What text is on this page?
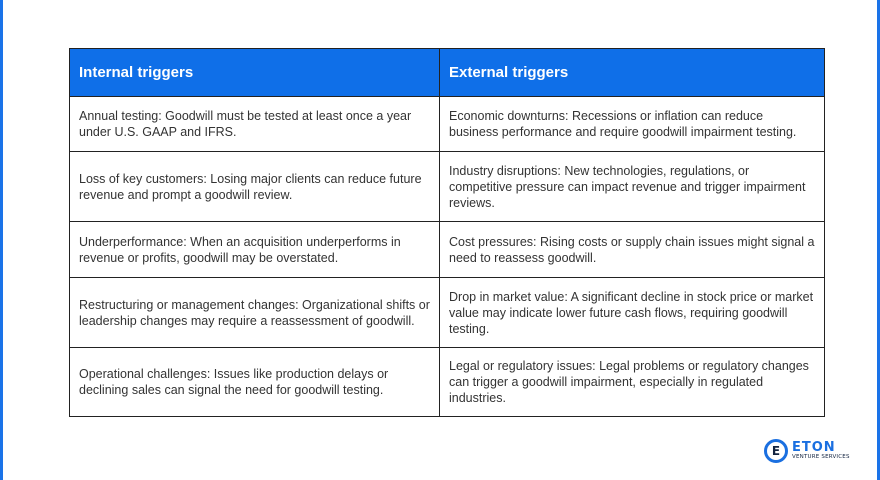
Internal triggers	External triggers
Annual testing: Goodwill must be tested at least once a year under U.S. GAAP and IFRS.	Economic downturns: Recessions or inflation can reduce business performance and require goodwill impairment testing.
Loss of key customers: Losing major clients can reduce future revenue and prompt a goodwill review.	Industry disruptions: New technologies, regulations, or competitive pressure can impact revenue and trigger impairment reviews.
Underperformance: When an acquisition underperforms in revenue or profits, goodwill may be overstated.	Cost pressures: Rising costs or supply chain issues might signal a need to reassess goodwill.
Restructuring or management changes: Organizational shifts or leadership changes may require a reassessment of goodwill.	Drop in market value: A significant decline in stock price or market value may indicate lower future cash flows, requiring goodwill testing.
Operational challenges: Issues like production delays or declining sales can signal the need for goodwill testing.	Legal or regulatory issues: Legal problems or regulatory changes can trigger a goodwill impairment, especially in regulated industries.
E ETON
VENTURE SERVICES
